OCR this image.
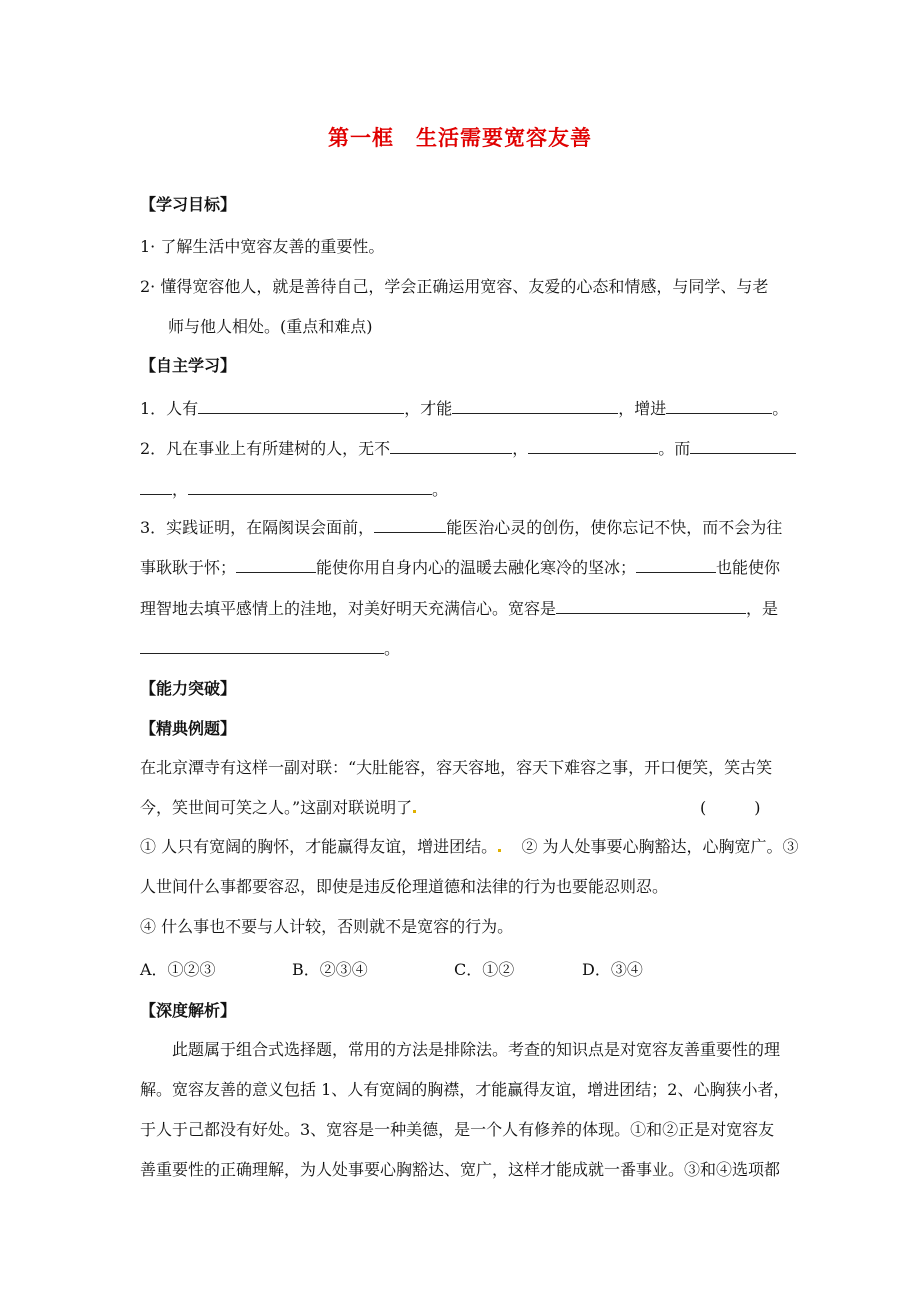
第一框　生活需要宽容友善
【学习目标】
1· 了解生活中宽容友善的重要性。
2· 懂得宽容他人，就是善待自己，学会正确运用宽容、友爱的心态和情感，与同学、与老
师与他人相处。(重点和难点)
【自主学习】
1．人有	，才能	，增进	。
2．凡在事业上有所建树的人，无不	，	。而
，	。
3．实践证明，在隔阂误会面前，	能医治心灵的创伤，使你忘记不快，而不会为往
事耿耿于怀；	能使你用自身内心的温暖去融化寒冷的坚冰；	也能使你
理智地去填平感情上的洼地，对美好明天充满信心。宽容是	，是
。
【能力突破】
【精典例题】
在北京潭寺有这样一副对联：“大肚能容，容天容地，容天下难容之事，开口便笑，笑古笑
今，笑世间可笑之人。”这副对联说明了	(　　　)
① 人只有宽阔的胸怀，才能赢得友谊，增进团结。 ② 为人处事要心胸豁达，心胸宽广。③
人世间什么事都要容忍，即使是违反伦理道德和法律的行为也要能忍则忍。
④ 什么事也不要与人计较，否则就不是宽容的行为。
A．①②③	B．②③④	C．①②	D．③④
【深度解析】
此题属于组合式选择题，常用的方法是排除法。考查的知识点是对宽容友善重要性的理
解。宽容友善的意义包括 1、人有宽阔的胸襟，才能赢得友谊，增进团结；2、心胸狭小者，
于人于己都没有好处。3、宽容是一种美德，是一个人有修养的体现。①和②正是对宽容友
善重要性的正确理解，为人处事要心胸豁达、宽广，这样才能成就一番事业。③和④选项都
